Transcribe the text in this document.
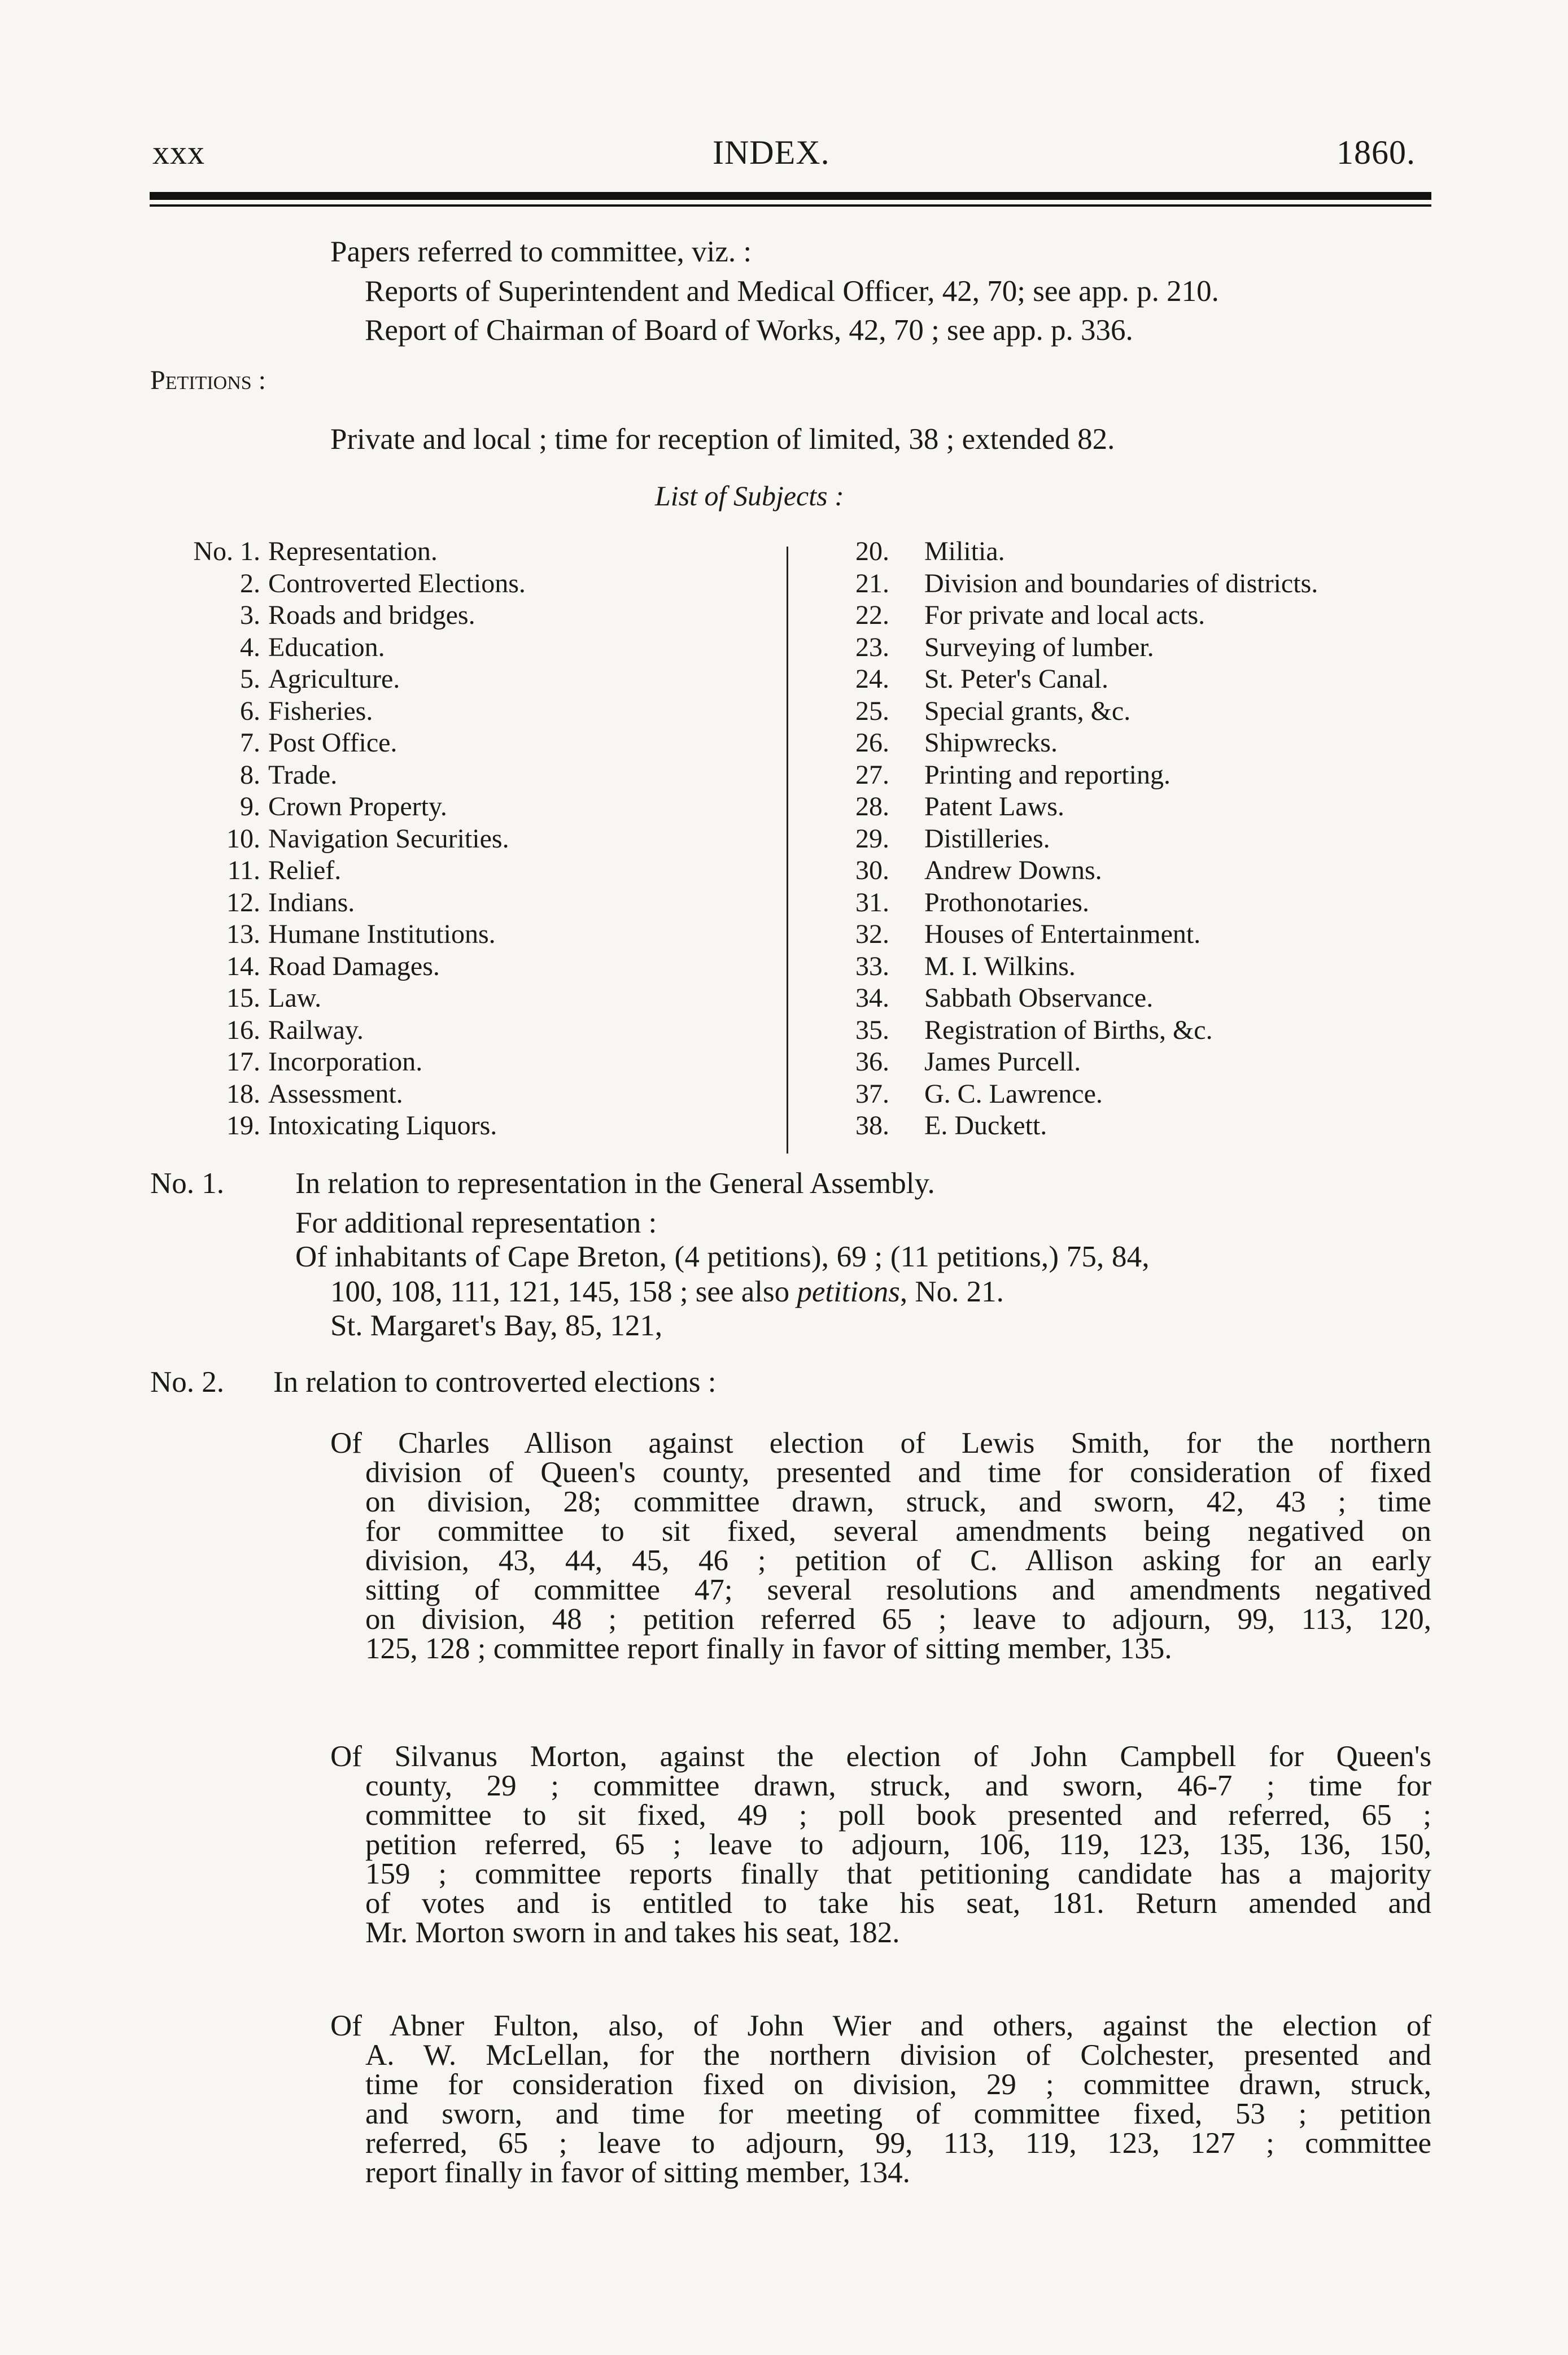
xxx	INDEX.	1860.
Papers referred to committee, viz. :
Reports of Superintendent and Medical Officer, 42, 70; see app. p. 210.
Report of Chairman of Board of Works, 42, 70 ; see app. p. 336.
Petitions :
Private and local ; time for reception of limited, 38 ; extended 82.
List of Subjects :
No. 1. Representation.
2. Controverted Elections.
3. Roads and bridges.
4. Education.
5. Agriculture.
6. Fisheries.
7. Post Office.
8. Trade.
9. Crown Property.
10. Navigation Securities.
11. Relief.
12. Indians.
13. Humane Institutions.
14. Road Damages.
15. Law.
16. Railway.
17. Incorporation.
18. Assessment.
19. Intoxicating Liquors.
20. Militia.
21. Division and boundaries of districts.
22. For private and local acts.
23. Surveying of lumber.
24. St. Peter's Canal.
25. Special grants, &c.
26. Shipwrecks.
27. Printing and reporting.
28. Patent Laws.
29. Distilleries.
30. Andrew Downs.
31. Prothonotaries.
32. Houses of Entertainment.
33. M. I. Wilkins.
34. Sabbath Observance.
35. Registration of Births, &c.
36. James Purcell.
37. G. C. Lawrence.
38. E. Duckett.
No. 1. In relation to representation in the General Assembly.
For additional representation :
Of inhabitants of Cape Breton, (4 petitions), 69 ; (11 petitions,) 75, 84,
100, 108, 111, 121, 145, 158 ; see also petitions, No. 21.
St. Margaret's Bay, 85, 121,
No. 2. In relation to controverted elections :
Of Charles Allison against election of Lewis Smith, for the northern
division of Queen's county, presented and time for consideration of fixed
on division, 28; committee drawn, struck, and sworn, 42, 43 ; time
for committee to sit fixed, several amendments being negatived on
division, 43, 44, 45, 46 ; petition of C. Allison asking for an early
sitting of committee 47; several resolutions and amendments negatived
on division, 48 ; petition referred 65 ; leave to adjourn, 99, 113, 120,
125, 128 ; committee report finally in favor of sitting member, 135.
Of Silvanus Morton, against the election of John Campbell for Queen's
county, 29 ; committee drawn, struck, and sworn, 46-7 ; time for
committee to sit fixed, 49 ; poll book presented and referred, 65 ;
petition referred, 65 ; leave to adjourn, 106, 119, 123, 135, 136, 150,
159 ; committee reports finally that petitioning candidate has a majority
of votes and is entitled to take his seat, 181. Return amended and
Mr. Morton sworn in and takes his seat, 182.
Of Abner Fulton, also, of John Wier and others, against the election of
A. W. McLellan, for the northern division of Colchester, presented and
time for consideration fixed on division, 29 ; committee drawn, struck,
and sworn, and time for meeting of committee fixed, 53 ; petition
referred, 65 ; leave to adjourn, 99, 113, 119, 123, 127 ; committee
report finally in favor of sitting member, 134.
